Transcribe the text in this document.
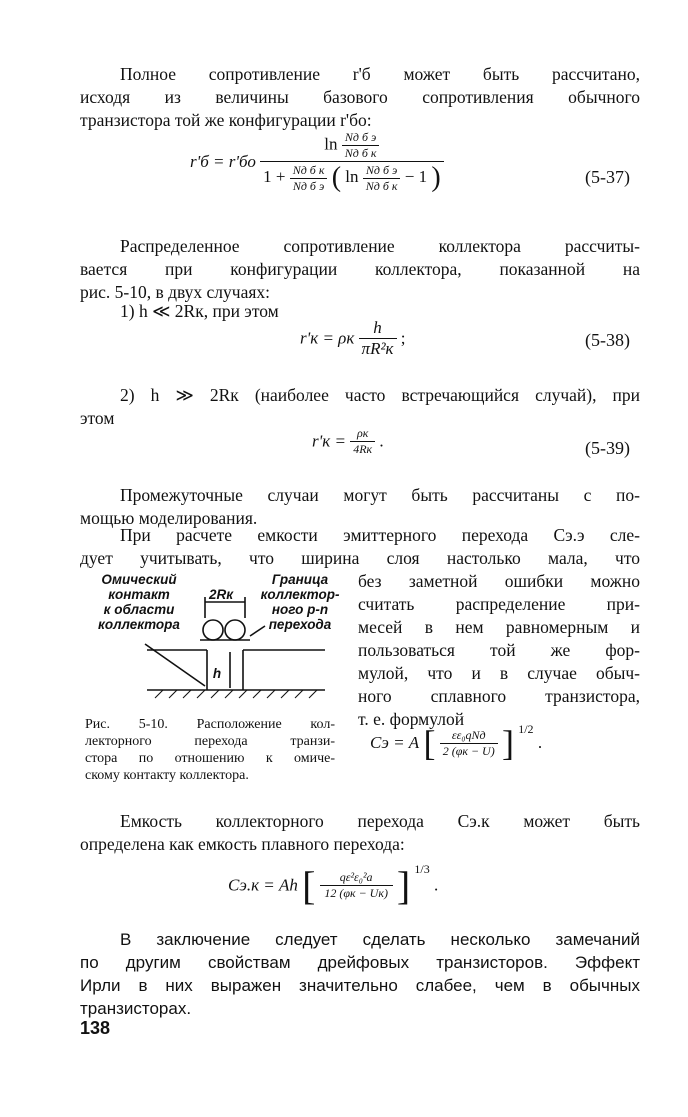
Полное сопротивление r'б может быть рассчитано,
исходя из величины базового сопротивления обычного
транзистора той же конфигурации r'бо:
r'б = r'бо
$\ln \frac{\text{Nд б э}}{\text{Nд б к}}$
$1 + \frac{\text{Nд б к}}{\text{Nд б э}}$ ( $\ln \frac{\text{Nд б э}}{\text{Nд б к}} - 1$ )	(5-37)
Распределенное сопротивление коллектора рассчиты-
вается при конфигурации коллектора, показанной на
рис. 5-10, в двух случаях:
1) h ≪ 2Rк, при этом
r'к = ρк $\frac{h}{\text{πR²к}}$ ;	(5-38)
2) h ≫ 2Rк (наиболее часто встречающийся случай), при
этом
$r'к = \frac{\rho к}{4Rк}$ .	(5-39)
Промежуточные случаи могут быть рассчитаны с по-
мощью моделирования.
При расчете емкости эмиттерного перехода Cэ.э сле-
дует учитывать, что ширина слоя настолько мала, что
без заметной ошибки можно
считать распределение при-
месей в нем равномерным и
пользоваться той же фор-
мулой, что и в случае обыч-
ного сплавного транзистора,
т. е. формулой
Омический
контакт
к области
коллектора
Граница
коллектор-
ного p-n
перехода
2Rк
h
Рис. 5-10. Расположение кол-
лекторного перехода транзи-
стора по отношению к омиче-
скому контакту коллектора.
Cэ = A [ $\frac{\text{εε₀qNд}}{2 (\varphi к - U)}$ ] $^{1/2}$ .
Емкость коллекторного перехода Cэ.к может быть
определена как емкость плавного перехода:
Cэ.к = Ah [ $\frac{\text{qε²ε₀²a}}{12 (\varphi к - Uк)}$ ] $^{1/3}$ .
В заключение следует сделать несколько замечаний
по другим свойствам дрейфовых транзисторов. Эффект
Ирли в них выражен значительно слабее, чем в обычных
транзисторах.
138
